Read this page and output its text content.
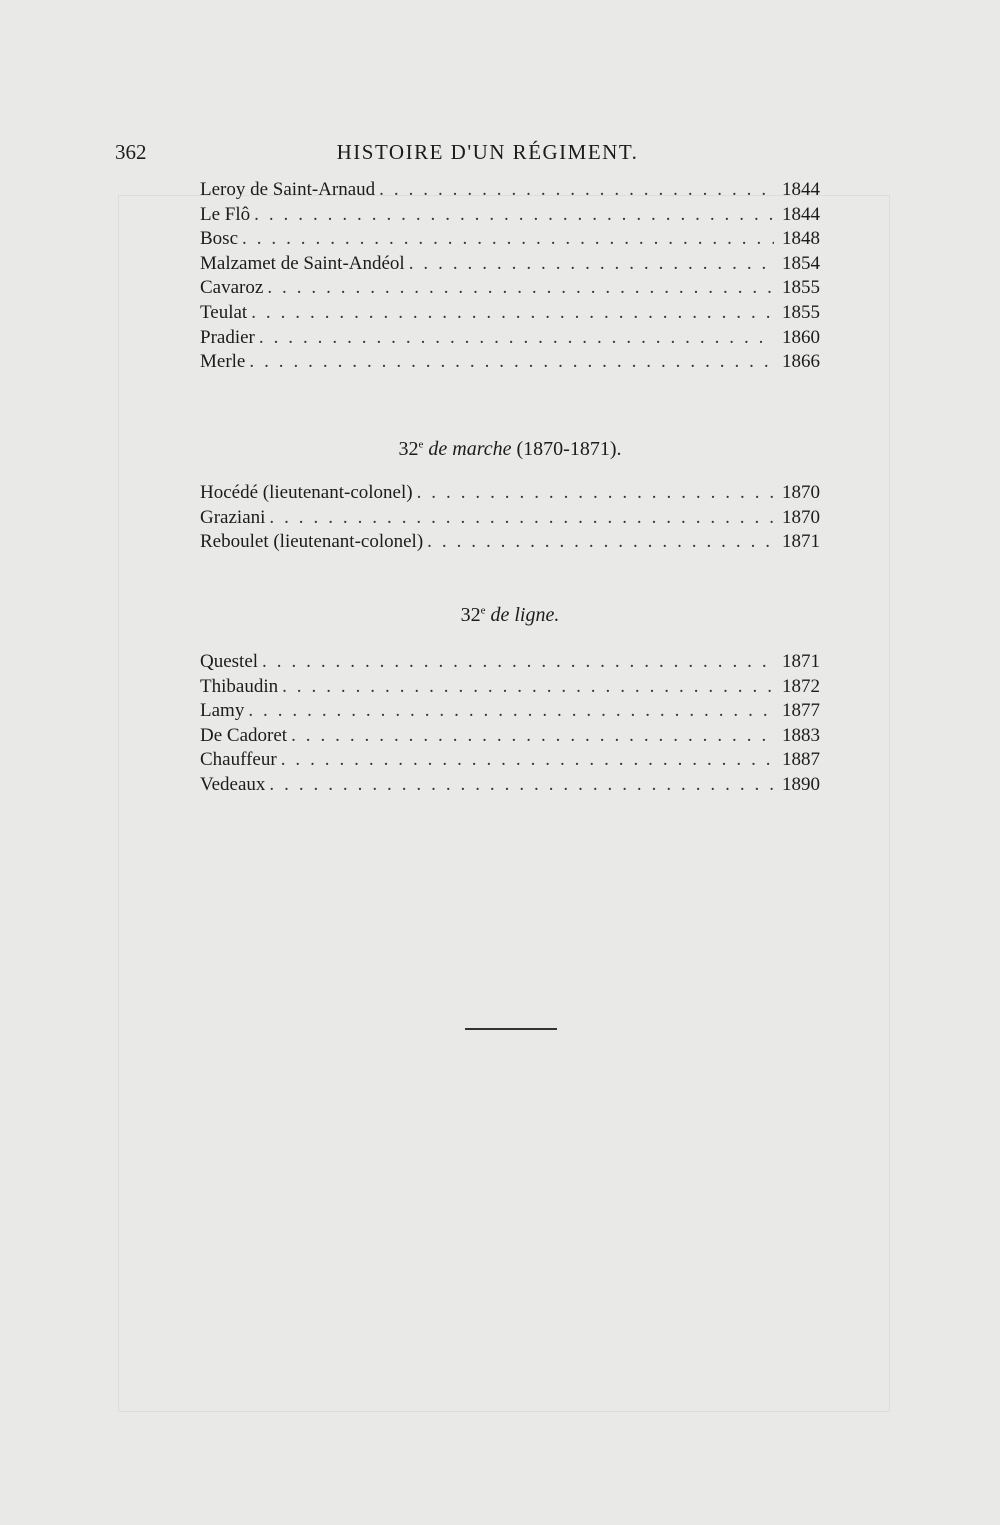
362	HISTOIRE D'UN RÉGIMENT.
Leroy de Saint-Arnaud . . .	1844
Le Flô . . .	1844
Bosc . . .	1848
Malzamet de Saint-Andéol . . .	1854
Cavaroz . . .	1855
Teulat . . .	1855
Pradier . . .	1860
Merle . . .	1866
32e de marche (1870-1871).
Hocédé (lieutenant-colonel) . . .	1870
Graziani . . .	1870
Reboulet (lieutenant-colonel) . . .	1871
32e de ligne.
Questel . . .	1871
Thibaudin . . .	1872
Lamy . . .	1877
De Cadoret . . .	1883
Chauffeur . . .	1887
Vedeaux . . .	1890
